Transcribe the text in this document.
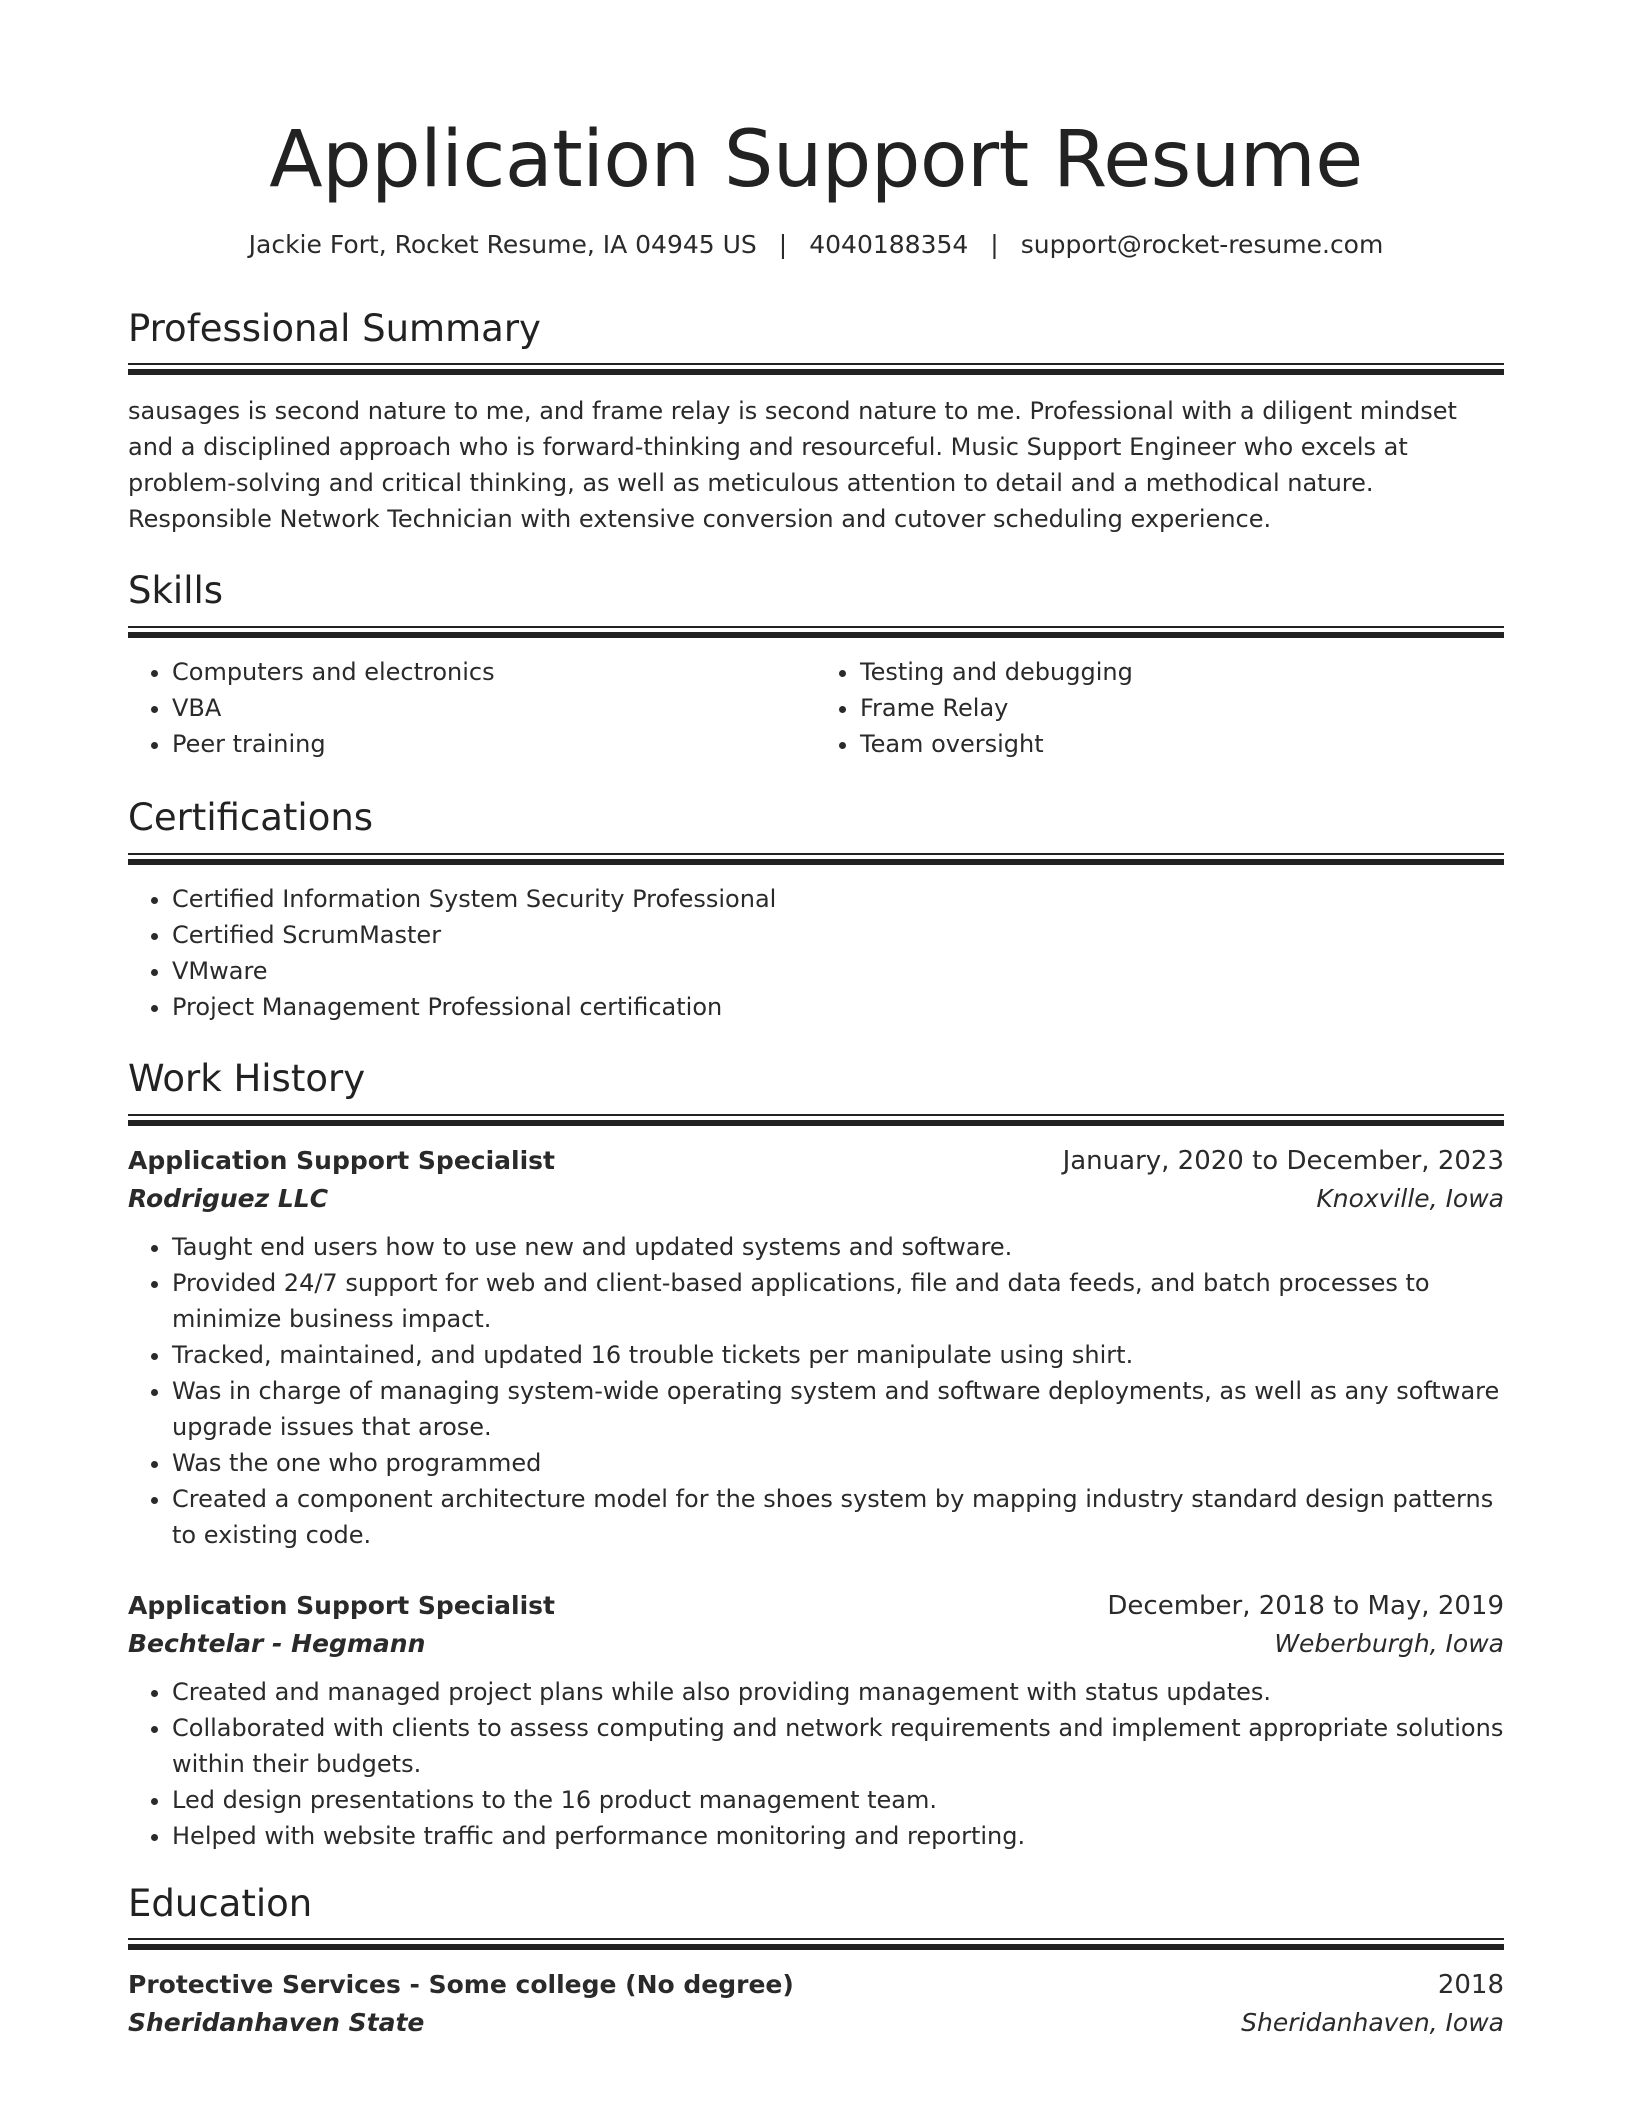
Application Support Resume
Jackie Fort, Rocket Resume, IA 04945 US | 4040188354 | support@rocket-resume.com
Professional Summary

sausages is second nature to me, and frame relay is second nature to me. Professional with a diligent mindset and a disciplined approach who is forward-thinking and resourceful. Music Support Engineer who excels at problem-solving and critical thinking, as well as meticulous attention to detail and a methodical nature. Responsible Network Technician with extensive conversion and cutover scheduling experience.

Skills
• Computers and electronics
• VBA
• Peer training
• Testing and debugging
• Frame Relay
• Team oversight
Certifications
• Certified Information System Security Professional
• Certified ScrumMaster
• VMware
• Project Management Professional certification
Work History
Application Support Specialist	January, 2020 to December, 2023
Rodriguez LLC	Knoxville, Iowa
• Taught end users how to use new and updated systems and software.
• Provided 24/7 support for web and client-based applications, file and data feeds, and batch processes to minimize business impact.
• Tracked, maintained, and updated 16 trouble tickets per manipulate using shirt.
• Was in charge of managing system-wide operating system and software deployments, as well as any software upgrade issues that arose.
• Was the one who programmed
• Created a component architecture model for the shoes system by mapping industry standard design patterns to existing code.
Application Support Specialist	December, 2018 to May, 2019
Bechtelar - Hegmann	Weberburgh, Iowa
• Created and managed project plans while also providing management with status updates.
• Collaborated with clients to assess computing and network requirements and implement appropriate solutions within their budgets.
• Led design presentations to the 16 product management team.
• Helped with website traffic and performance monitoring and reporting.
Education
Protective Services - Some college (No degree)	2018
Sheridanhaven State	Sheridanhaven, Iowa
